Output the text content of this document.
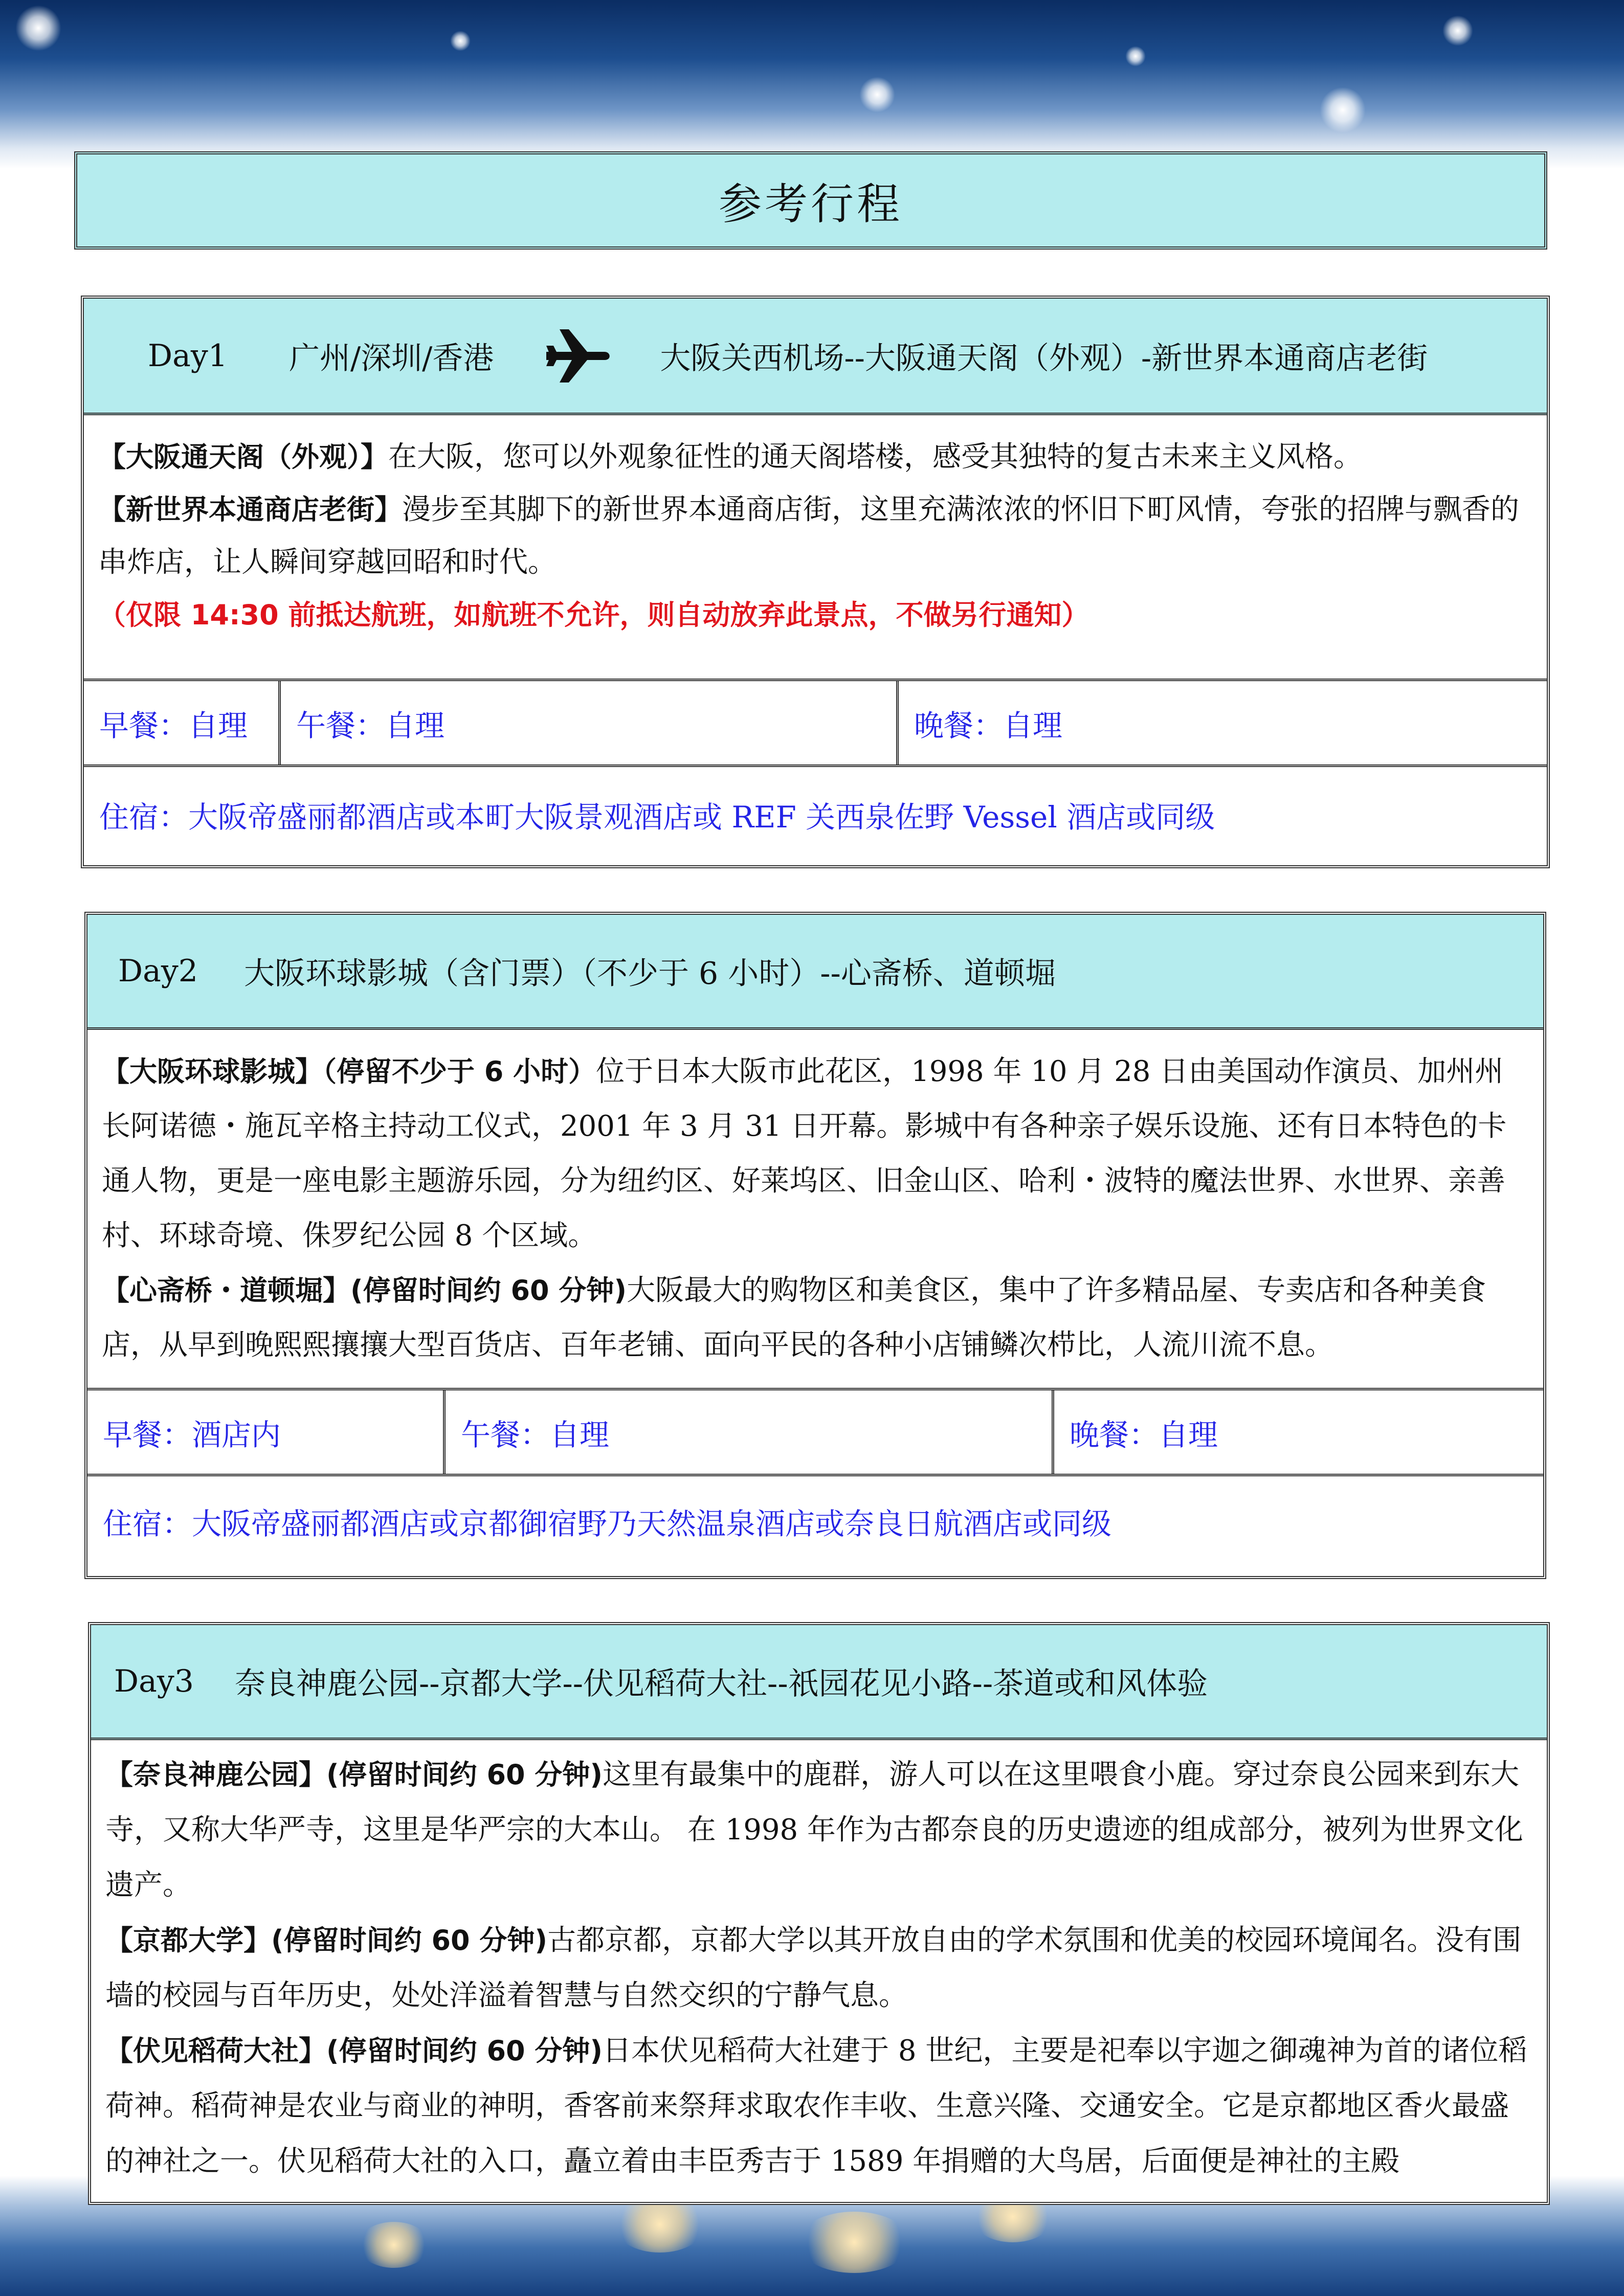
参考行程
Day1 广州/深圳/香港	大阪关西机场--大阪通天阁（外观）-新世界本通商店老街

【大阪通天阁（外观）】在大阪，您可以外观象征性的通天阁塔楼，感受其独特的复古未来主义风格。

【新世界本通商店老街】漫步至其脚下的新世界本通商店街，这里充满浓浓的怀旧下町风情，夸张的招牌与飘香的串炸店，让人瞬间穿越回昭和时代。

（仅限 14:30 前抵达航班，如航班不允许，则自动放弃此景点，不做另行通知）

早餐：自理	午餐：自理	晚餐：自理
住宿：大阪帝盛丽都酒店或本町大阪景观酒店或 REF 关西泉佐野 Vessel 酒店或同级
Day2 大阪环球影城（含门票）（不少于 6 小时）--心斋桥、道顿堀

【大阪环球影城】（停留不少于 6 小时）位于日本大阪市此花区，1998 年 10 月 28 日由美国动作演员、加州州长阿诺德・施瓦辛格主持动工仪式，2001 年 3 月 31 日开幕。影城中有各种亲子娱乐设施、还有日本特色的卡通人物，更是一座电影主题游乐园，分为纽约区、好莱坞区、旧金山区、哈利・波特的魔法世界、水世界、亲善村、环球奇境、侏罗纪公园 8 个区域。

【心斋桥・道顿堀】(停留时间约 60 分钟)大阪最大的购物区和美食区，集中了许多精品屋、专卖店和各种美食店，从早到晚熙熙攘攘大型百货店、百年老铺、面向平民的各种小店铺鳞次栉比，人流川流不息。

早餐：酒店内	午餐：自理	晚餐：自理
住宿：大阪帝盛丽都酒店或京都御宿野乃天然温泉酒店或奈良日航酒店或同级
Day3 奈良神鹿公园--京都大学--伏见稻荷大社--祇园花见小路--茶道或和风体验

【奈良神鹿公园】(停留时间约 60 分钟)这里有最集中的鹿群，游人可以在这里喂食小鹿。穿过奈良公园来到东大寺，又称大华严寺，这里是华严宗的大本山。 在 1998 年作为古都奈良的历史遗迹的组成部分，被列为世界文化遗产。

【京都大学】(停留时间约 60 分钟)古都京都，京都大学以其开放自由的学术氛围和优美的校园环境闻名。没有围墙的校园与百年历史，处处洋溢着智慧与自然交织的宁静气息。

【伏见稻荷大社】(停留时间约 60 分钟)日本伏见稻荷大社建于 8 世纪，主要是祀奉以宇迦之御魂神为首的诸位稻荷神。稻荷神是农业与商业的神明，香客前来祭拜求取农作丰收、生意兴隆、交通安全。它是京都地区香火最盛的神社之一。伏见稻荷大社的入口，矗立着由丰臣秀吉于 1589 年捐赠的大鸟居，后面便是神社的主殿
